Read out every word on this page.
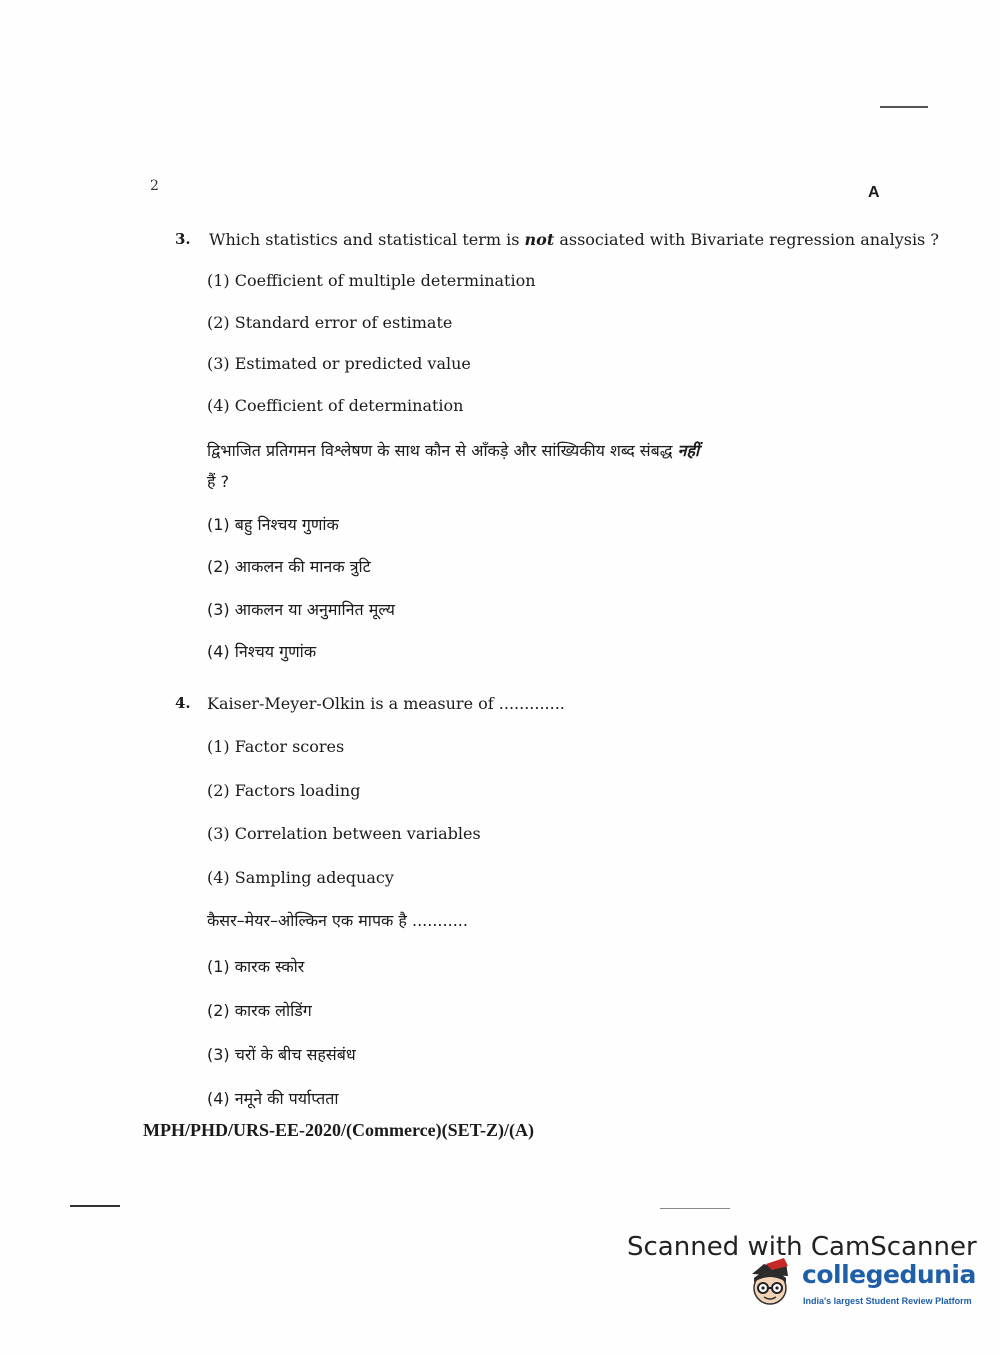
2	A
3. Which statistics and statistical term is not associated with Bivariate regression analysis ?
(1) Coefficient of multiple determination
(2) Standard error of estimate
(3) Estimated or predicted value
(4) Coefficient of determination
द्विभाजित प्रतिगमन विश्लेषण के साथ कौन से आँकड़े और सांख्यिकीय शब्द संबद्ध नहीं
हैं ?
(1) बहु निश्चय गुणांक
(2) आकलन की मानक त्रुटि
(3) आकलन या अनुमानित मूल्य
(4) निश्चय गुणांक
4. Kaiser-Meyer-Olkin is a measure of .............
(1) Factor scores
(2) Factors loading
(3) Correlation between variables
(4) Sampling adequacy
कैसर–मेयर–ओल्किन एक मापक है ...........
(1) कारक स्कोर
(2) कारक लोडिंग
(3) चरों के बीच सहसंबंध
(4) नमूने की पर्याप्तता
MPH/PHD/URS-EE-2020/(Commerce)(SET-Z)/(A)
Scanned with CamScanner
collegedunia
India's largest Student Review Platform
